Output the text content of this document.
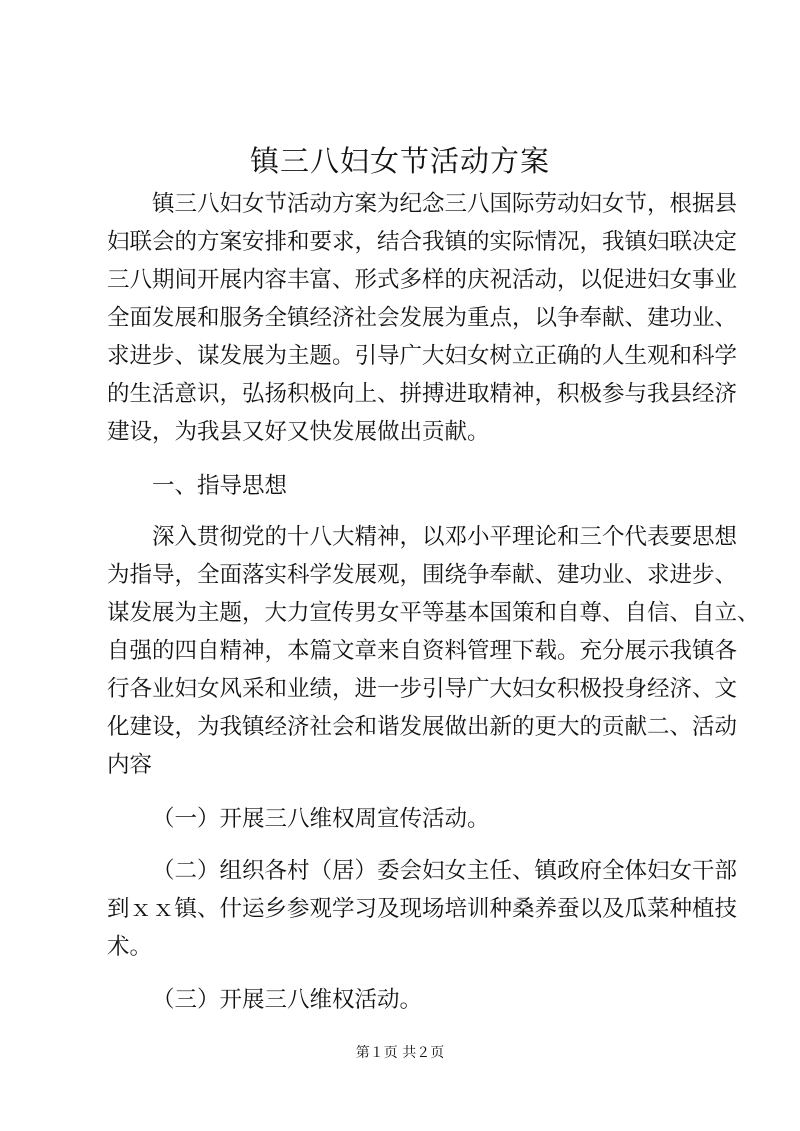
镇三八妇女节活动方案

镇三八妇女节活动方案为纪念三八国际劳动妇女节，根据县

妇联会的方案安排和要求，结合我镇的实际情况，我镇妇联决定

三八期间开展内容丰富、形式多样的庆祝活动，以促进妇女事业

全面发展和服务全镇经济社会发展为重点，以争奉献、建功业、

求进步、谋发展为主题。引导广大妇女树立正确的人生观和科学

的生活意识，弘扬积极向上、拼搏进取精神，积极参与我县经济

建设，为我县又好又快发展做出贡献。

一、指导思想

深入贯彻党的十八大精神，以邓小平理论和三个代表要思想

为指导，全面落实科学发展观，围绕争奉献、建功业、求进步、

谋发展为主题，大力宣传男女平等基本国策和自尊、自信、自立、

自强的四自精神，本篇文章来自资料管理下载。充分展示我镇各

行各业妇女风采和业绩，进一步引导广大妇女积极投身经济、文

化建设，为我镇经济社会和谐发展做出新的更大的贡献二、活动

内容

（一）开展三八维权周宣传活动。

（二）组织各村（居）委会妇女主任、镇政府全体妇女干部

到ｘｘ镇、什运乡参观学习及现场培训种桑养蚕以及瓜菜种植技

术。

（三）开展三八维权活动。

第１页 共２页
